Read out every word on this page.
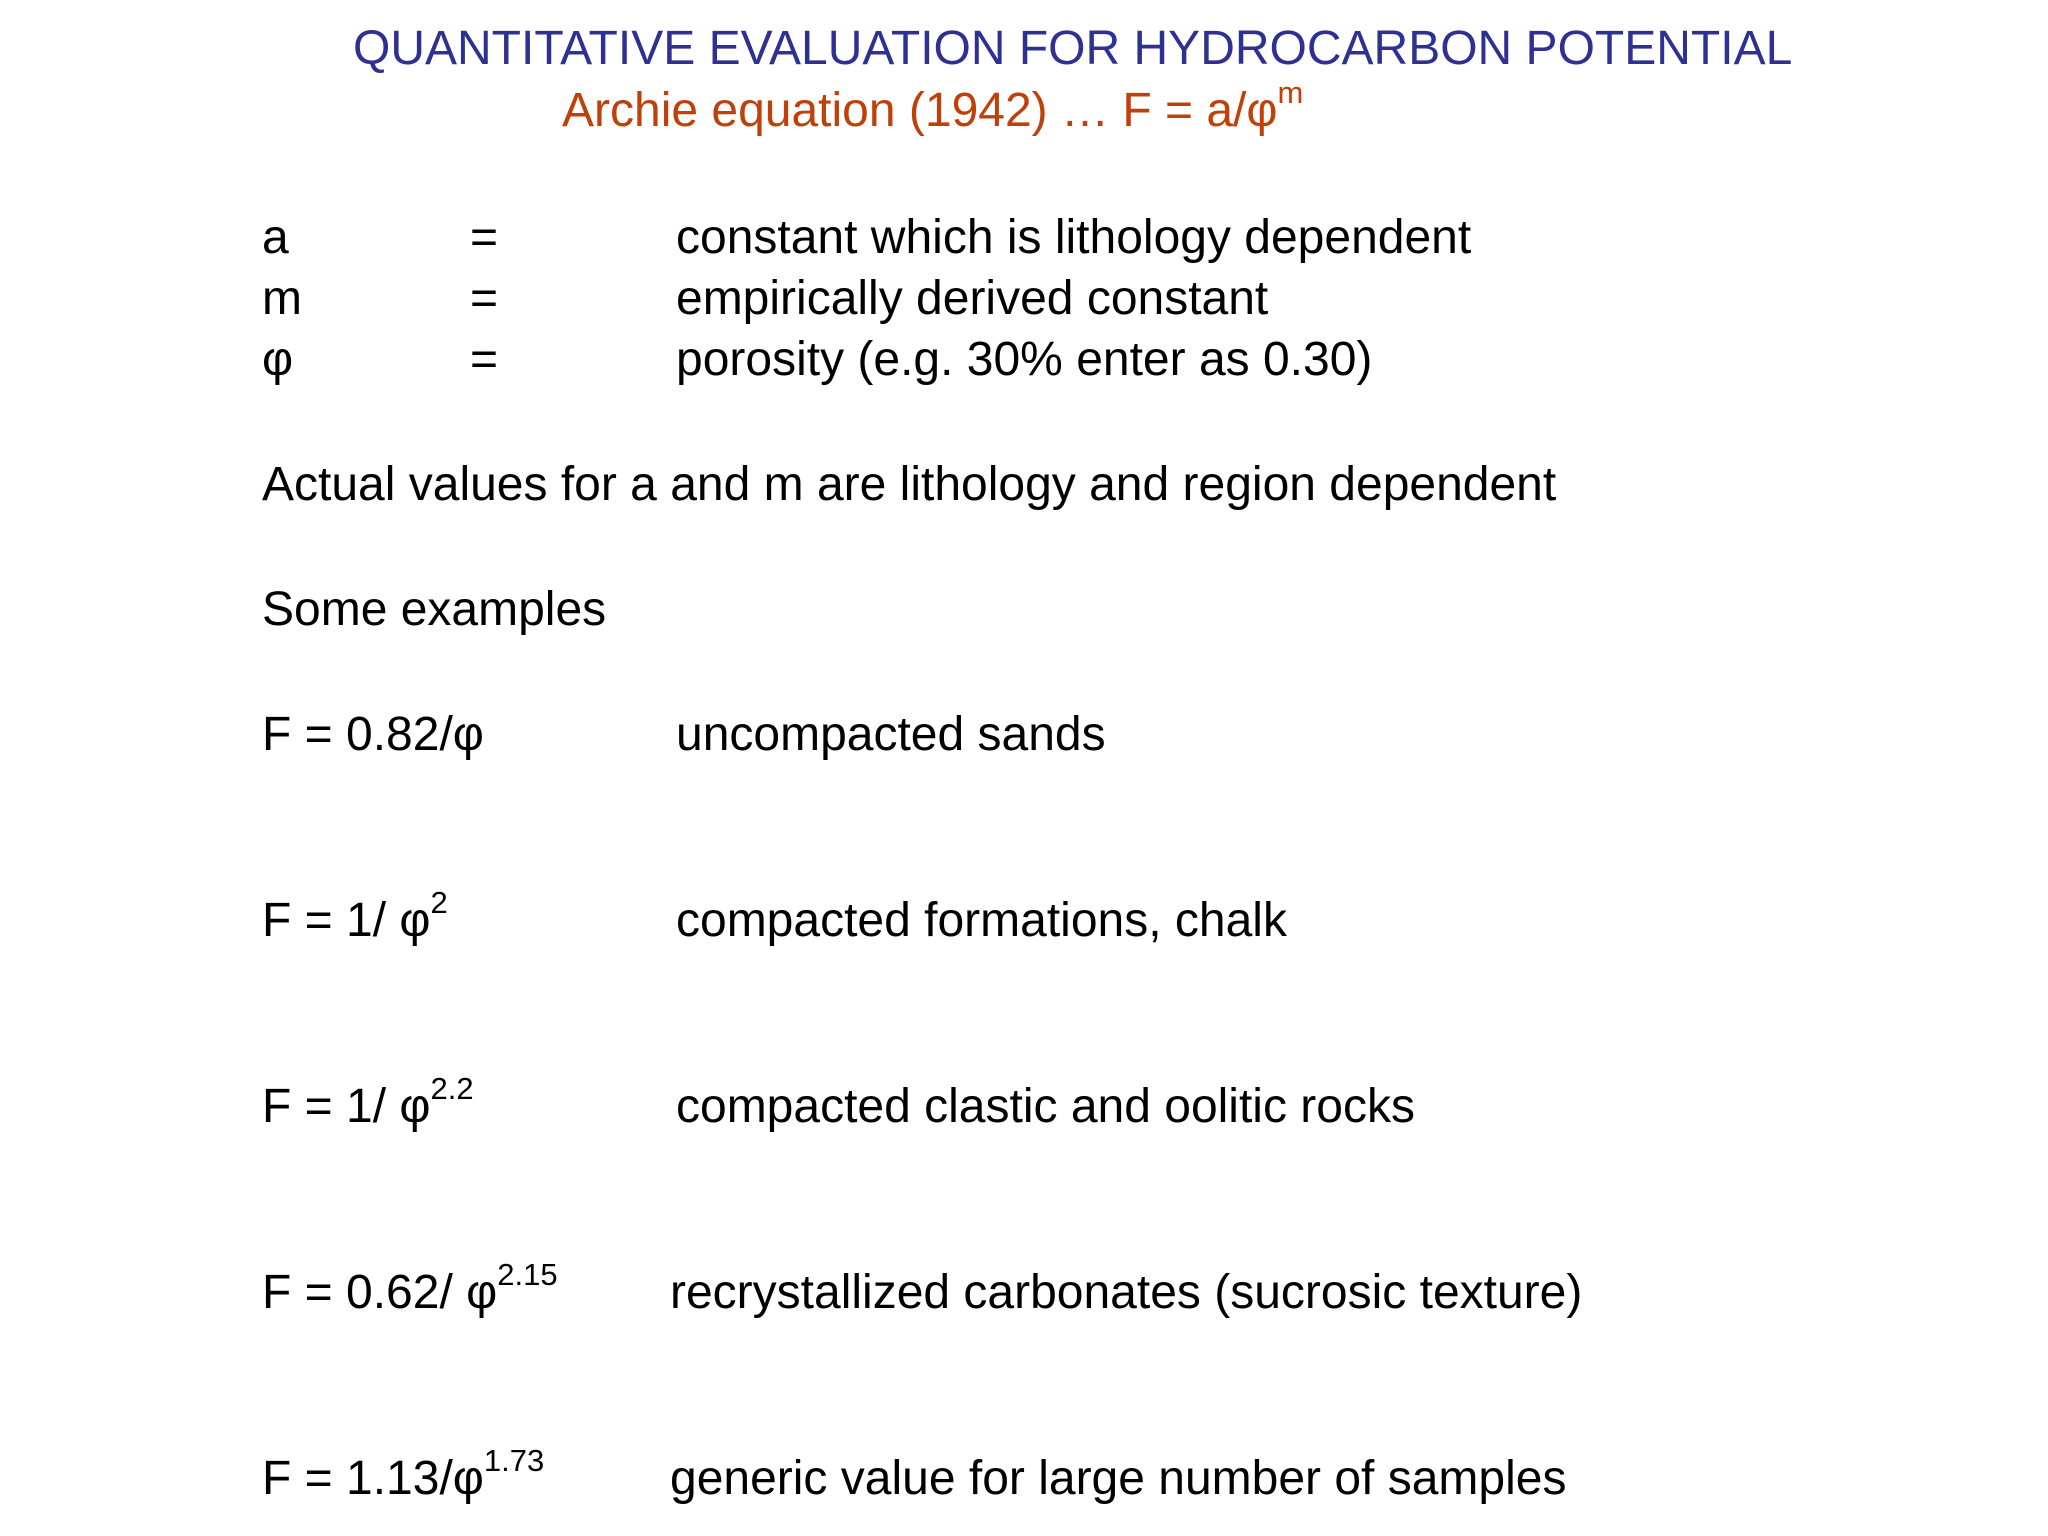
QUANTITATIVE EVALUATION FOR HYDROCARBON POTENTIAL
Archie equation (1942) … $F = a/\varphi^m$
a	=	constant which is lithology dependent
m	=	empirically derived constant
φ	=	porosity (e.g. 30% enter as 0.30)
Actual values for a and m are lithology and region dependent
Some examples
F = 0.82/φ	uncompacted sands
F = 1/ $\varphi^2$	compacted formations, chalk
F = 1/ $\varphi^{2.2}$	compacted clastic and oolitic rocks
F = 0.62/ $\varphi^{2.15}$ recrystallized carbonates (sucrosic texture)
$F = 1.13/\varphi^{1.73}$	generic value for large number of samples
